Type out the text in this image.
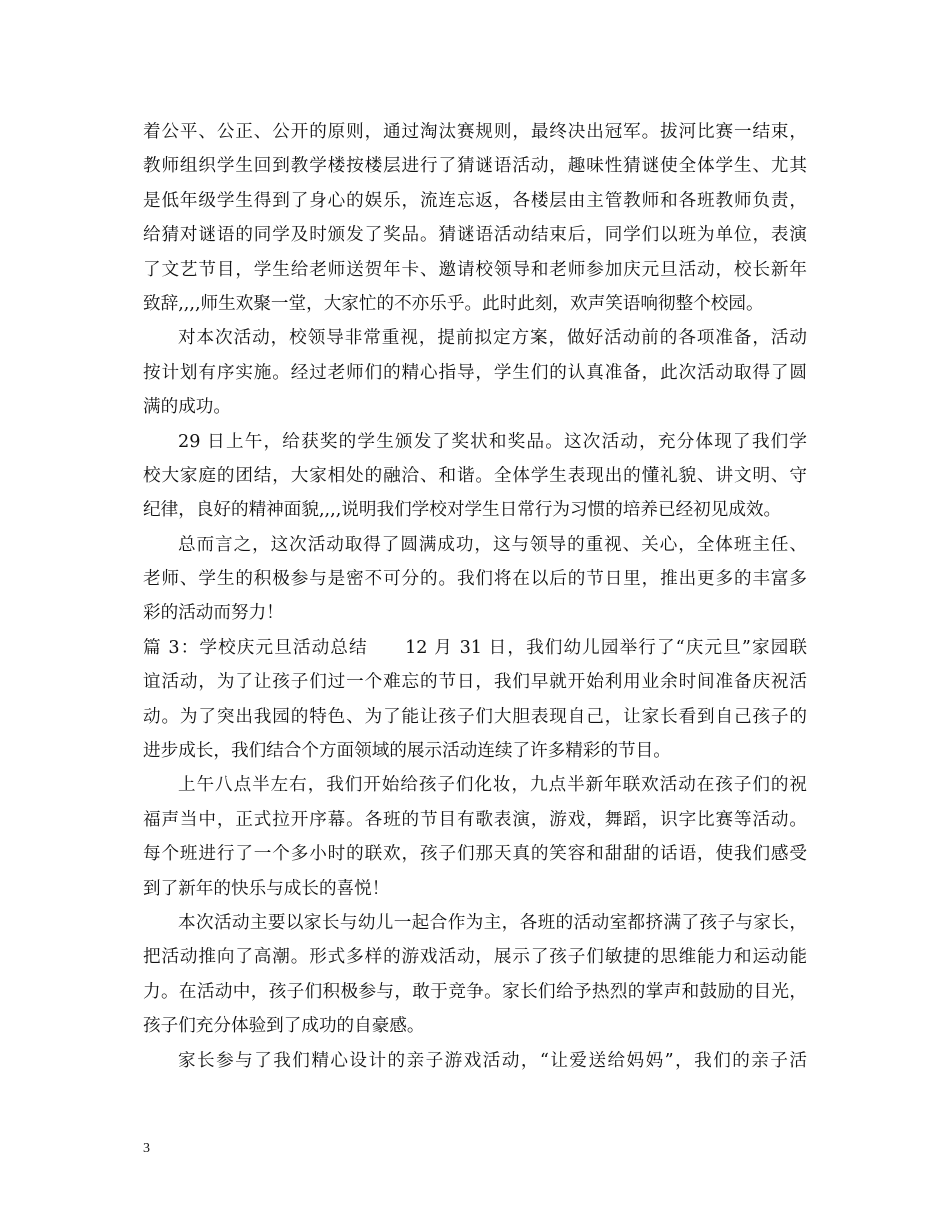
着公平、公正、公开的原则，通过淘汰赛规则，最终决出冠军。拔河比赛一结束，
教师组织学生回到教学楼按楼层进行了猜谜语活动，趣味性猜谜使全体学生、尤其
是低年级学生得到了身心的娱乐，流连忘返，各楼层由主管教师和各班教师负责，
给猜对谜语的同学及时颁发了奖品。猜谜语活动结束后，同学们以班为单位，表演
了文艺节目，学生给老师送贺年卡、邀请校领导和老师参加庆元旦活动，校长新年
致辞,,,,师生欢聚一堂，大家忙的不亦乐乎。此时此刻，欢声笑语响彻整个校园。
对本次活动，校领导非常重视，提前拟定方案，做好活动前的各项准备，活动
按计划有序实施。经过老师们的精心指导，学生们的认真准备，此次活动取得了圆
满的成功。
29 日上午，给获奖的学生颁发了奖状和奖品。这次活动，充分体现了我们学
校大家庭的团结，大家相处的融洽、和谐。全体学生表现出的懂礼貌、讲文明、守
纪律，良好的精神面貌,,,,说明我们学校对学生日常行为习惯的培养已经初见成效。
总而言之，这次活动取得了圆满成功，这与领导的重视、关心，全体班主任、
老师、学生的积极参与是密不可分的。我们将在以后的节日里，推出更多的丰富多
彩的活动而努力！
篇 3：学校庆元旦活动总结　　12 月 31 日，我们幼儿园举行了“庆元旦”家园联
谊活动，为了让孩子们过一个难忘的节日，我们早就开始利用业余时间准备庆祝活
动。为了突出我园的特色、为了能让孩子们大胆表现自己，让家长看到自己孩子的
进步成长，我们结合个方面领域的展示活动连续了许多精彩的节目。
上午八点半左右，我们开始给孩子们化妆，九点半新年联欢活动在孩子们的祝
福声当中，正式拉开序幕。各班的节目有歌表演，游戏，舞蹈，识字比赛等活动。
每个班进行了一个多小时的联欢，孩子们那天真的笑容和甜甜的话语，使我们感受
到了新年的快乐与成长的喜悦！
本次活动主要以家长与幼儿一起合作为主，各班的活动室都挤满了孩子与家长，
把活动推向了高潮。形式多样的游戏活动，展示了孩子们敏捷的思维能力和运动能
力。在活动中，孩子们积极参与，敢于竞争。家长们给予热烈的掌声和鼓励的目光，
孩子们充分体验到了成功的自豪感。
家长参与了我们精心设计的亲子游戏活动，“让爱送给妈妈”，我们的亲子活
3
